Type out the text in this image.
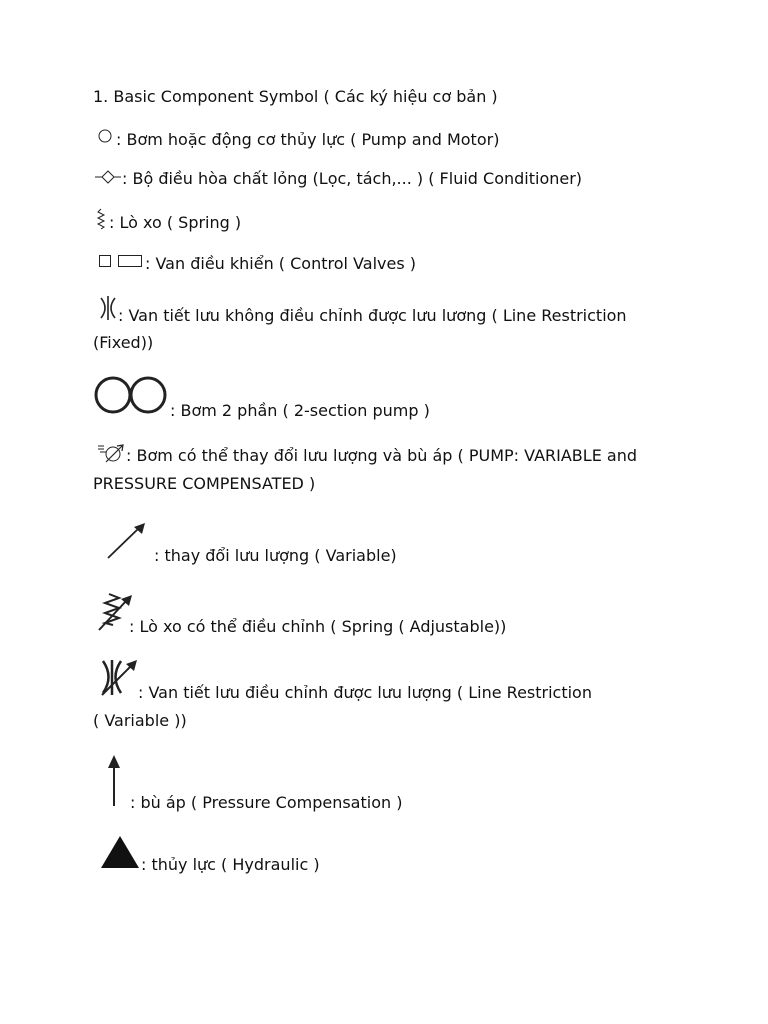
1. Basic Component Symbol ( Các ký hiệu cơ bản )
: Bơm hoặc động cơ thủy lực ( Pump and Motor)
: Bộ điều hòa chất lỏng (Lọc, tách,... ) ( Fluid Conditioner)
: Lò xo ( Spring )
: Van điều khiển ( Control Valves )
: Van tiết lưu không điều chỉnh được lưu lương ( Line Restriction
(Fixed))
: Bơm 2 phần ( 2-section pump )
: Bơm có thể thay đổi lưu lượng và bù áp ( PUMP: VARIABLE and
PRESSURE COMPENSATED )
: thay đổi lưu lượng ( Variable)
: Lò xo có thể điều chỉnh ( Spring ( Adjustable))
: Van tiết lưu điều chỉnh được lưu lượng ( Line Restriction
( Variable ))
: bù áp ( Pressure Compensation )
: thủy lực ( Hydraulic )
